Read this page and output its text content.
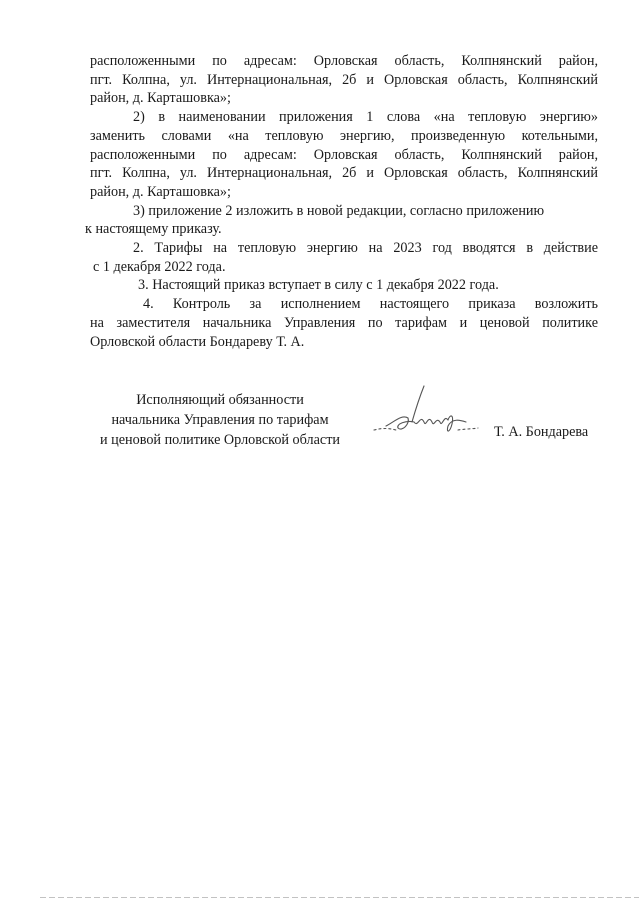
расположенными по адресам: Орловская область, Колпнянский район,
пгт. Колпна, ул. Интернациональная, 2б и Орловская область, Колпнянский
район, д. Карташовка»;
2) в наименовании приложения 1 слова «на тепловую энергию»
заменить словами «на тепловую энергию, произведенную котельными,
расположенными по адресам: Орловская область, Колпнянский район,
пгт. Колпна, ул. Интернациональная, 2б и Орловская область, Колпнянский
район, д. Карташовка»;
3) приложение 2 изложить в новой редакции, согласно приложению
к настоящему приказу.
2. Тарифы на тепловую энергию на 2023 год вводятся в действие
с 1 декабря 2022 года.
3. Настоящий приказ вступает в силу с 1 декабря 2022 года.
4. Контроль за исполнением настоящего приказа возложить
на заместителя начальника Управления по тарифам и ценовой политике
Орловской области Бондареву Т. А.
Исполняющий обязанности
начальника Управления по тарифам
и ценовой политике Орловской области	Т. А. Бондарева
